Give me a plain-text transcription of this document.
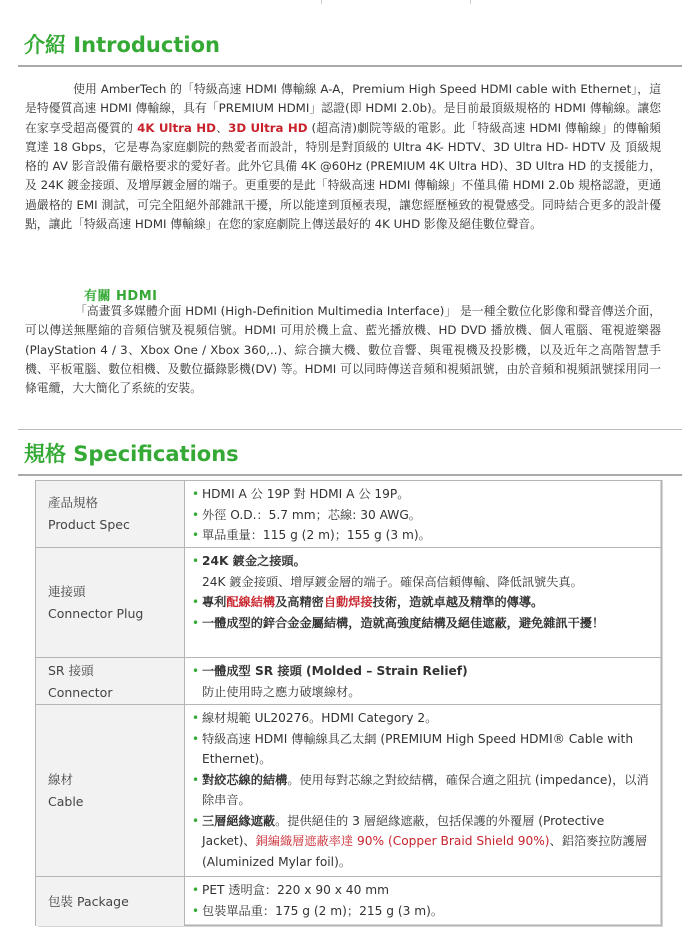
介紹 Introduction

使用 AmberTech 的「特級高速 HDMI 傳輸線 A-A，Premium High Speed HDMI cable with Ethernet」，這是特優質高速 HDMI 傳輸線，具有「PREMIUM HDMI」認證(即 HDMI 2.0b)。是目前最頂級規格的 HDMI 傳輸線。讓您在家享受超高優質的 4K Ultra HD、3D Ultra HD (超高清)劇院等級的電影。此「特級高速 HDMI 傳輸線」的傳輸頻寬達 18 Gbps，它是專為家庭劇院的熱愛者而設計，特別是對頂級的 Ultra 4K- HDTV、3D Ultra HD- HDTV 及 頂級規格的 AV 影音設備有嚴格要求的愛好者。此外它具備 4K @60Hz (PREMIUM 4K Ultra HD)、3D Ultra HD 的支援能力，及 24K 鍍金接頭、及增厚鍍金層的端子。更重要的是此「特級高速 HDMI 傳輸線」不僅具備 HDMI 2.0b 規格認證，更通過嚴格的 EMI 測試，可完全阻絕外部雜訊干擾，所以能達到頂極表現，讓您經歷極致的視覺感受。同時結合更多的設計優點，讓此「特級高速 HDMI 傳輸線」在您的家庭劇院上傳送最好的 4K UHD 影像及絕佳數位聲音。

有關 HDMI

「高畫質多媒體介面 HDMI (High-Definition Multimedia Interface)」 是一種全數位化影像和聲音傳送介面，可以傳送無壓縮的音頻信號及視頻信號。HDMI 可用於機上盒、藍光播放機、HD DVD 播放機、個人電腦、電視遊樂器 (PlayStation 4 / 3、Xbox One / Xbox 360,..)、綜合擴大機、數位音響、與電視機及投影機，以及近年之高階智慧手機、平板電腦、數位相機、及數位攝錄影機(DV) 等。HDMI 可以同時傳送音頻和視頻訊號，由於音頻和視頻訊號採用同一條電纜，大大簡化了系統的安裝。

規格 Specifications
產品規格
Product Spec
• HDMI A 公 19P 對 HDMI A 公 19P。
• 外徑 O.D.：5.7 mm；芯線: 30 AWG。
• 單品重量：115 g (2 m)；155 g (3 m)。
連接頭
Connector Plug
• 24K 鍍金之接頭。
24K 鍍金接頭、增厚鍍金層的端子。確保高信頼傳輸、降低訊號失真。
• 專利配線結構及高精密自動焊接技術，造就卓越及精準的傳導。
• 一體成型的鋅合金金屬結構，造就高強度結構及絕佳遮蔽，避免雜訊干擾！
SR 接頭
Connector
• 一體成型 SR 接頭 (Molded – Strain Relief)
防止使用時之應力破壞線材。
線材
Cable
• 線材規範 UL20276。HDMI Category 2。
• 特級高速 HDMI 傳輸線具乙太網 (PREMIUM High Speed HDMI® Cable with Ethernet)。
• 對絞芯線的結構。使用每對芯線之對絞結構，確保合適之阻抗 (impedance)，以消除串音。
• 三層絕緣遮蔽。提供絕佳的 3 層絕緣遮蔽，包括保護的外覆層 (Protective Jacket)、銅編織層遮蔽率達 90% (Copper Braid Shield 90%)、鋁箔麥拉防護層(Aluminized Mylar foil)。
包裝 Package
• PET 透明盒：220 x 90 x 40 mm
• 包裝單品重：175 g (2 m)；215 g (3 m)。
